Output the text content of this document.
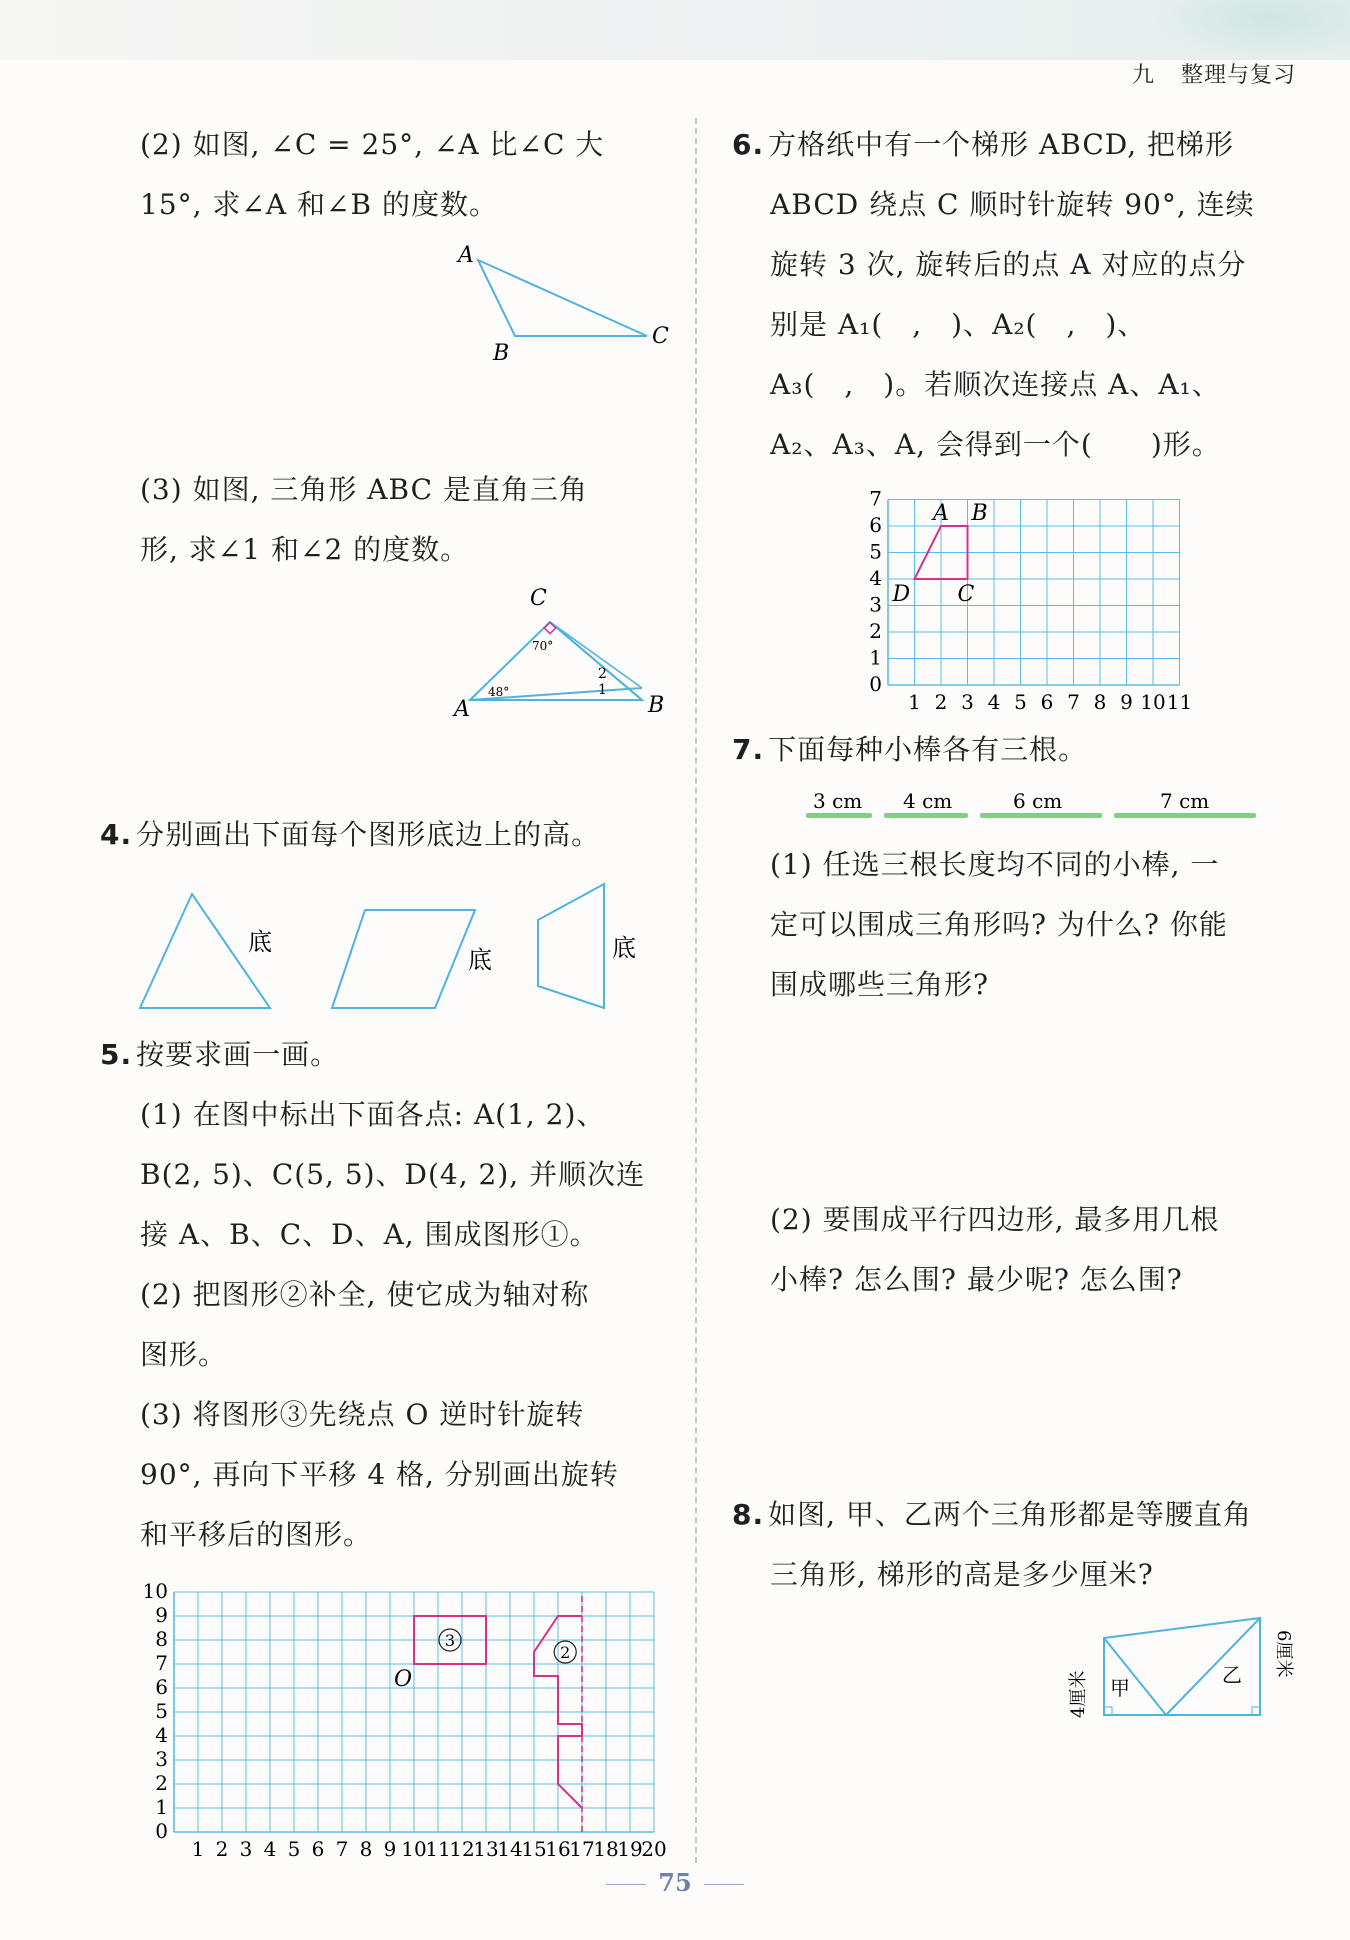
九 整理与复习
(2) 如图, ∠C = 25°, ∠A 比∠C 大
15°, 求∠A 和∠B 的度数。
A
B
C
(3) 如图, 三角形 ABC 是直角三角
形, 求∠1 和∠2 的度数。
C
A	B
70°
48°
2
1
4. 分别画出下面每个图形底边上的高。
底
底	底
5. 按要求画一画。
(1) 在图中标出下面各点: A(1, 2)、
B(2, 5)、C(5, 5)、D(4, 2), 并顺次连
接 A、B、C、D、A, 围成图形①。
(2) 把图形②补全, 使它成为轴对称
图形。
(3) 将图形③先绕点 O 逆时针旋转
90°, 再向下平移 4 格, 分别画出旋转
和平移后的图形。
1 2 3 4 5 6 7 8 9 10
11
12
13
14
15
16
17
18
19
20
0
1
2
3
4
5
6
7
8
9
10
3
O
2
6. 方格纸中有一个梯形 ABCD, 把梯形
ABCD 绕点 C 顺时针旋转 90°, 连续
旋转 3 次, 旋转后的点 A 对应的点分
别是 A₁(　,　)、A₂(　,　)、
A₃(　,　)。若顺次连接点 A、A₁、
A₂、A₃、A, 会得到一个(　　)形。
1 2 3 4 5 6 7 8 9 10 11
0
1
2
3
4
5
6
7
A B
C
D
7. 下面每种小棒各有三根。
3 cm 4 cm	6 cm	7 cm
(1) 任选三根长度均不同的小棒, 一
定可以围成三角形吗? 为什么? 你能
围成哪些三角形?
(2) 要围成平行四边形, 最多用几根
小棒? 怎么围? 最少呢? 怎么围?
8. 如图, 甲、乙两个三角形都是等腰直角
三角形, 梯形的高是多少厘米?
甲
乙
4厘米
6厘米
75
